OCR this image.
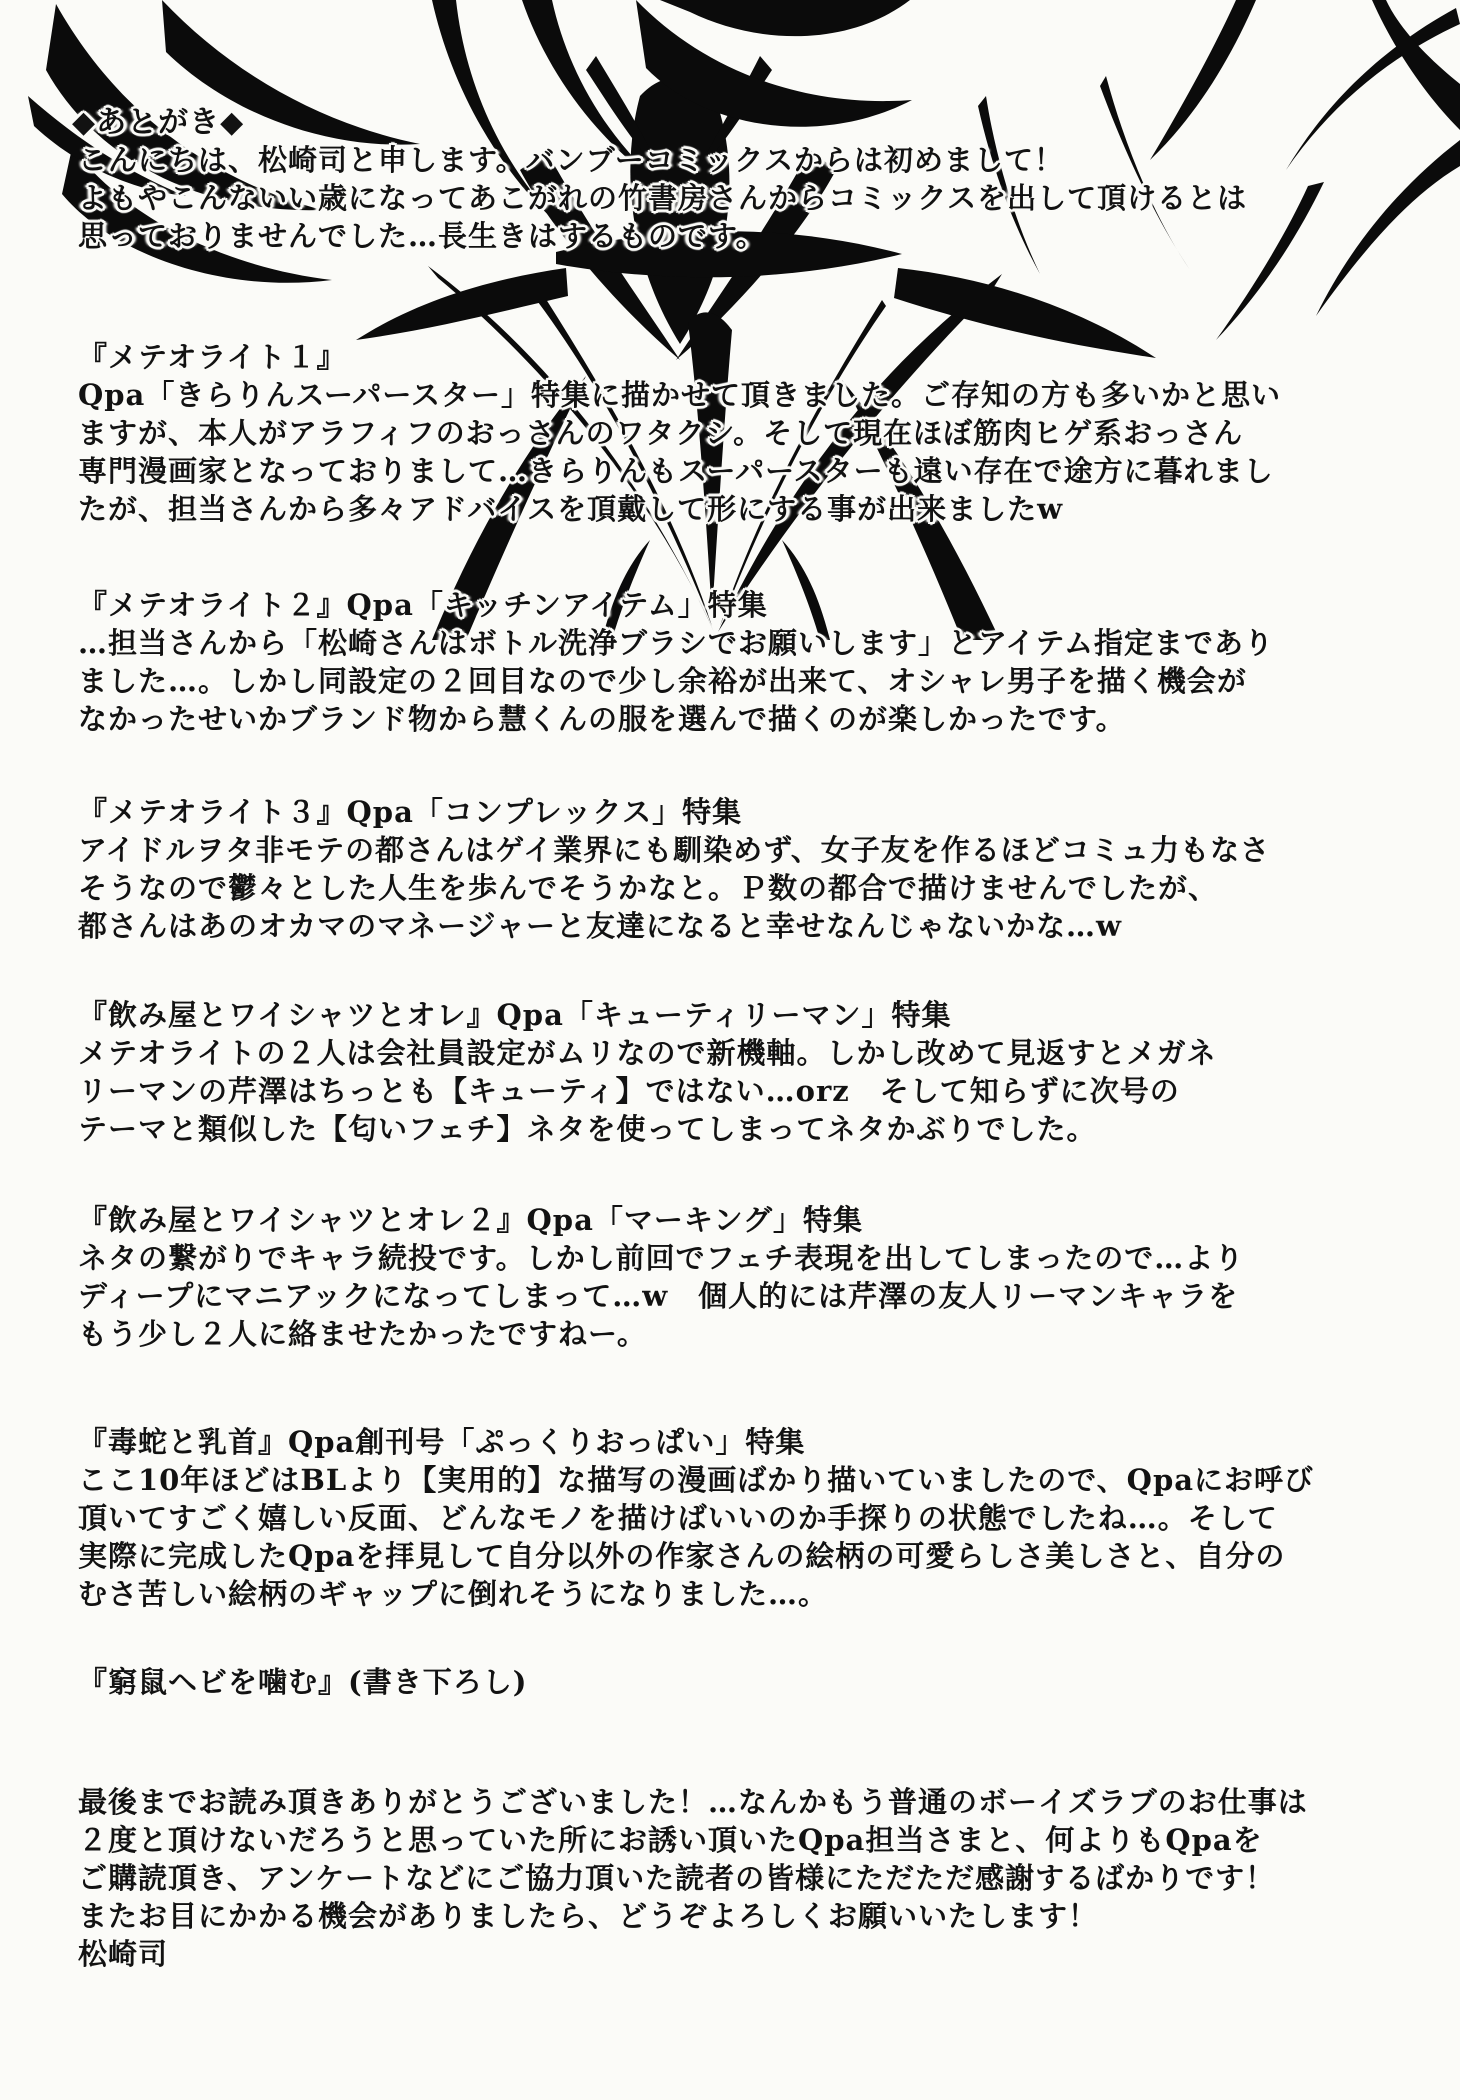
◆あとがき◆

こんにちは、松崎司と申します。バンブーコミックスからは初めまして！

よもやこんないい歳になってあこがれの竹書房さんからコミックスを出して頂けるとは

思っておりませんでした…長生きはするものです。

『メテオライト１』

Qpa「きらりんスーパースター」特集に描かせて頂きました。ご存知の方も多いかと思い

ますが、本人がアラフィフのおっさんのワタクシ。そして現在ほぼ筋肉ヒゲ系おっさん

専門漫画家となっておりまして…きらりんもスーパースターも遠い存在で途方に暮れまし

たが、担当さんから多々アドバイスを頂戴して形にする事が出来ましたw

『メテオライト２』Qpa「キッチンアイテム」特集

…担当さんから「松崎さんはボトル洗浄ブラシでお願いします」とアイテム指定まであり

ました…。しかし同設定の２回目なので少し余裕が出来て、オシャレ男子を描く機会が

なかったせいかブランド物から慧くんの服を選んで描くのが楽しかったです。

『メテオライト３』Qpa「コンプレックス」特集

アイドルヲタ非モテの都さんはゲイ業界にも馴染めず、女子友を作るほどコミュ力もなさ

そうなので鬱々とした人生を歩んでそうかなと。Ｐ数の都合で描けませんでしたが、

都さんはあのオカマのマネージャーと友達になると幸せなんじゃないかな…w

『飲み屋とワイシャツとオレ』Qpa「キューティリーマン」特集

メテオライトの２人は会社員設定がムリなので新機軸。しかし改めて見返すとメガネ

リーマンの芹澤はちっとも【キューティ】ではない…orz　そして知らずに次号の

テーマと類似した【匂いフェチ】ネタを使ってしまってネタかぶりでした。

『飲み屋とワイシャツとオレ２』Qpa「マーキング」特集

ネタの繋がりでキャラ続投です。しかし前回でフェチ表現を出してしまったので…より

ディープにマニアックになってしまって…w　個人的には芹澤の友人リーマンキャラを

もう少し２人に絡ませたかったですねー。

『毒蛇と乳首』Qpa創刊号「ぷっくりおっぱい」特集

ここ10年ほどはBLより【実用的】な描写の漫画ばかり描いていましたので、Qpaにお呼び

頂いてすごく嬉しい反面、どんなモノを描けばいいのか手探りの状態でしたね…。そして

実際に完成したQpaを拝見して自分以外の作家さんの絵柄の可愛らしさ美しさと、自分の

むさ苦しい絵柄のギャップに倒れそうになりました…。

『窮鼠ヘビを噛む』(書き下ろし)

最後までお読み頂きありがとうございました！…なんかもう普通のボーイズラブのお仕事は

２度と頂けないだろうと思っていた所にお誘い頂いたQpa担当さまと、何よりもQpaを

ご購読頂き、アンケートなどにご協力頂いた読者の皆様にただただ感謝するばかりです！

またお目にかかる機会がありましたら、どうぞよろしくお願いいたします！

松崎司
